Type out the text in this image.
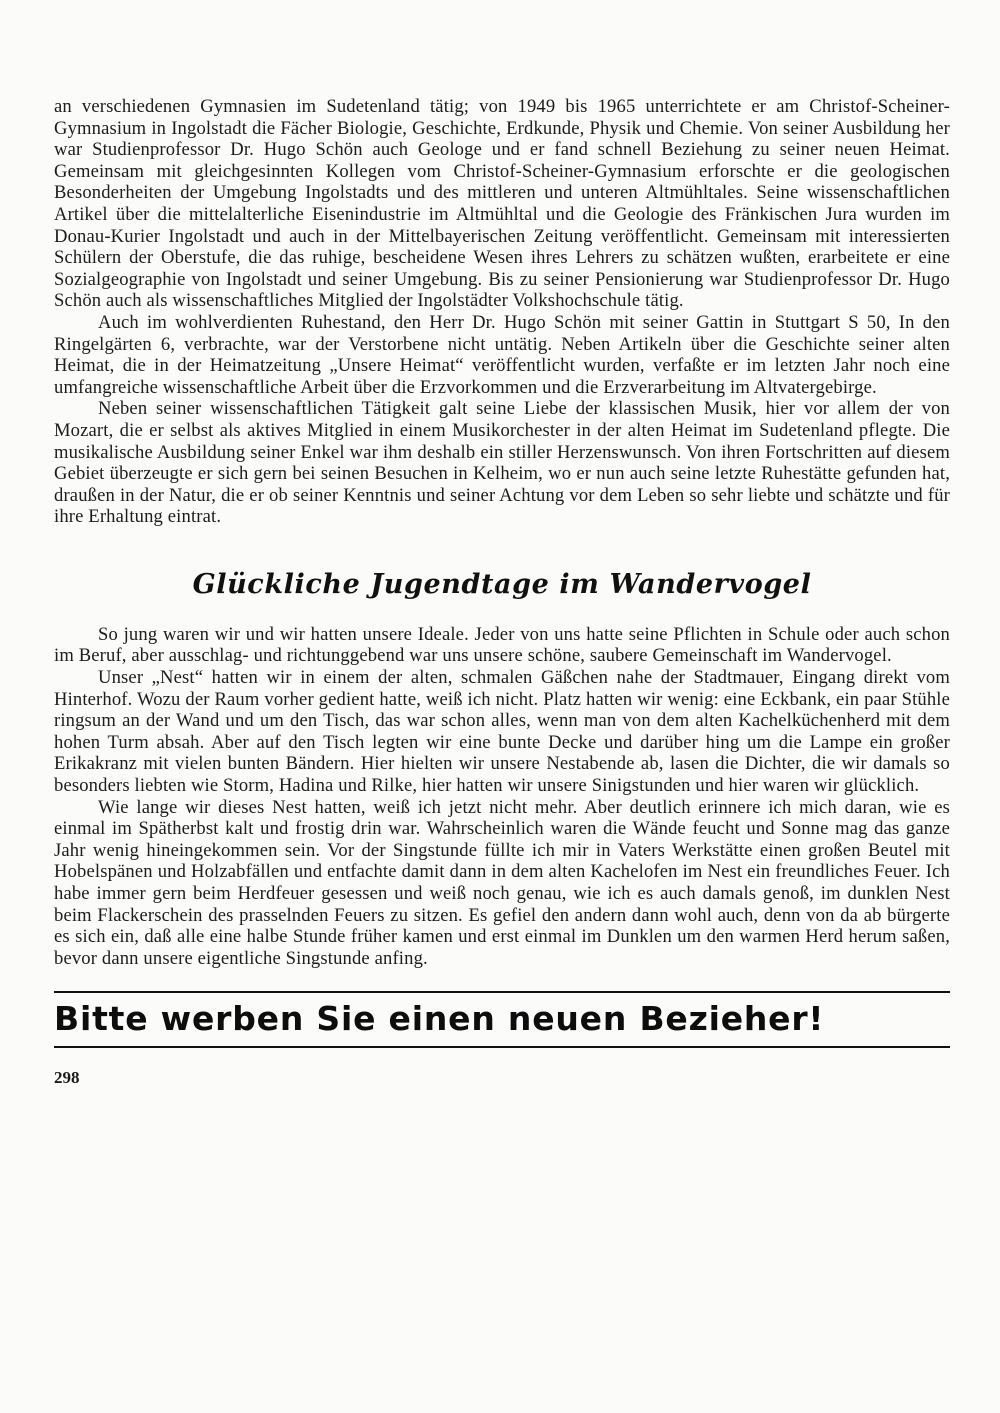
an verschiedenen Gymnasien im Sudetenland tätig; von 1949 bis 1965 unterrichtete er am Christof-Scheiner-Gymnasium in Ingolstadt die Fächer Biologie, Geschichte, Erdkunde, Physik und Chemie. Von seiner Ausbildung her war Studienprofessor Dr. Hugo Schön auch Geologe und er fand schnell Beziehung zu seiner neuen Heimat. Gemeinsam mit gleichgesinnten Kollegen vom Christof-Scheiner-Gymnasium erforschte er die geologischen Besonderheiten der Umgebung Ingolstadts und des mittleren und unteren Altmühltales. Seine wissenschaftlichen Artikel über die mittelalterliche Eisenindustrie im Altmühltal und die Geologie des Fränkischen Jura wurden im Donau-Kurier Ingolstadt und auch in der Mittelbayerischen Zeitung veröffentlicht. Gemeinsam mit interessierten Schülern der Oberstufe, die das ruhige, bescheidene Wesen ihres Lehrers zu schätzen wußten, erarbeitete er eine Sozialgeographie von Ingolstadt und seiner Umgebung. Bis zu seiner Pensionierung war Studienprofessor Dr. Hugo Schön auch als wissenschaftliches Mitglied der Ingolstädter Volkshochschule tätig.

Auch im wohlverdienten Ruhestand, den Herr Dr. Hugo Schön mit seiner Gattin in Stuttgart S 50, In den Ringelgärten 6, verbrachte, war der Verstorbene nicht untätig. Neben Artikeln über die Geschichte seiner alten Heimat, die in der Heimatzeitung „Unsere Heimat“ veröffentlicht wurden, verfaßte er im letzten Jahr noch eine umfangreiche wissenschaftliche Arbeit über die Erzvorkommen und die Erzverarbeitung im Altvatergebirge.

Neben seiner wissenschaftlichen Tätigkeit galt seine Liebe der klassischen Musik, hier vor allem der von Mozart, die er selbst als aktives Mitglied in einem Musikorchester in der alten Heimat im Sudetenland pflegte. Die musikalische Ausbildung seiner Enkel war ihm deshalb ein stiller Herzenswunsch. Von ihren Fortschritten auf diesem Gebiet überzeugte er sich gern bei seinen Besuchen in Kelheim, wo er nun auch seine letzte Ruhestätte gefunden hat, draußen in der Natur, die er ob seiner Kenntnis und seiner Achtung vor dem Leben so sehr liebte und schätzte und für ihre Erhaltung eintrat.

Glückliche Jugendtage im Wandervogel

So jung waren wir und wir hatten unsere Ideale. Jeder von uns hatte seine Pflichten in Schule oder auch schon im Beruf, aber ausschlag- und richtunggebend war uns unsere schöne, saubere Gemeinschaft im Wandervogel.

Unser „Nest“ hatten wir in einem der alten, schmalen Gäßchen nahe der Stadtmauer, Eingang direkt vom Hinterhof. Wozu der Raum vorher gedient hatte, weiß ich nicht. Platz hatten wir wenig: eine Eckbank, ein paar Stühle ringsum an der Wand und um den Tisch, das war schon alles, wenn man von dem alten Kachelküchenherd mit dem hohen Turm absah. Aber auf den Tisch legten wir eine bunte Decke und darüber hing um die Lampe ein großer Erikakranz mit vielen bunten Bändern. Hier hielten wir unsere Nestabende ab, lasen die Dichter, die wir damals so besonders liebten wie Storm, Hadina und Rilke, hier hatten wir unsere Sinigstunden und hier waren wir glücklich.

Wie lange wir dieses Nest hatten, weiß ich jetzt nicht mehr. Aber deutlich erinnere ich mich daran, wie es einmal im Spätherbst kalt und frostig drin war. Wahrscheinlich waren die Wände feucht und Sonne mag das ganze Jahr wenig hineingekommen sein. Vor der Singstunde füllte ich mir in Vaters Werkstätte einen großen Beutel mit Hobelspänen und Holzabfällen und entfachte damit dann in dem alten Kachelofen im Nest ein freundliches Feuer. Ich habe immer gern beim Herdfeuer gesessen und weiß noch genau, wie ich es auch damals genoß, im dunklen Nest beim Flackerschein des prasselnden Feuers zu sitzen. Es gefiel den andern dann wohl auch, denn von da ab bürgerte es sich ein, daß alle eine halbe Stunde früher kamen und erst einmal im Dunklen um den warmen Herd herum saßen, bevor dann unsere eigentliche Singstunde anfing.

Bitte werben Sie einen neuen Bezieher!
298
